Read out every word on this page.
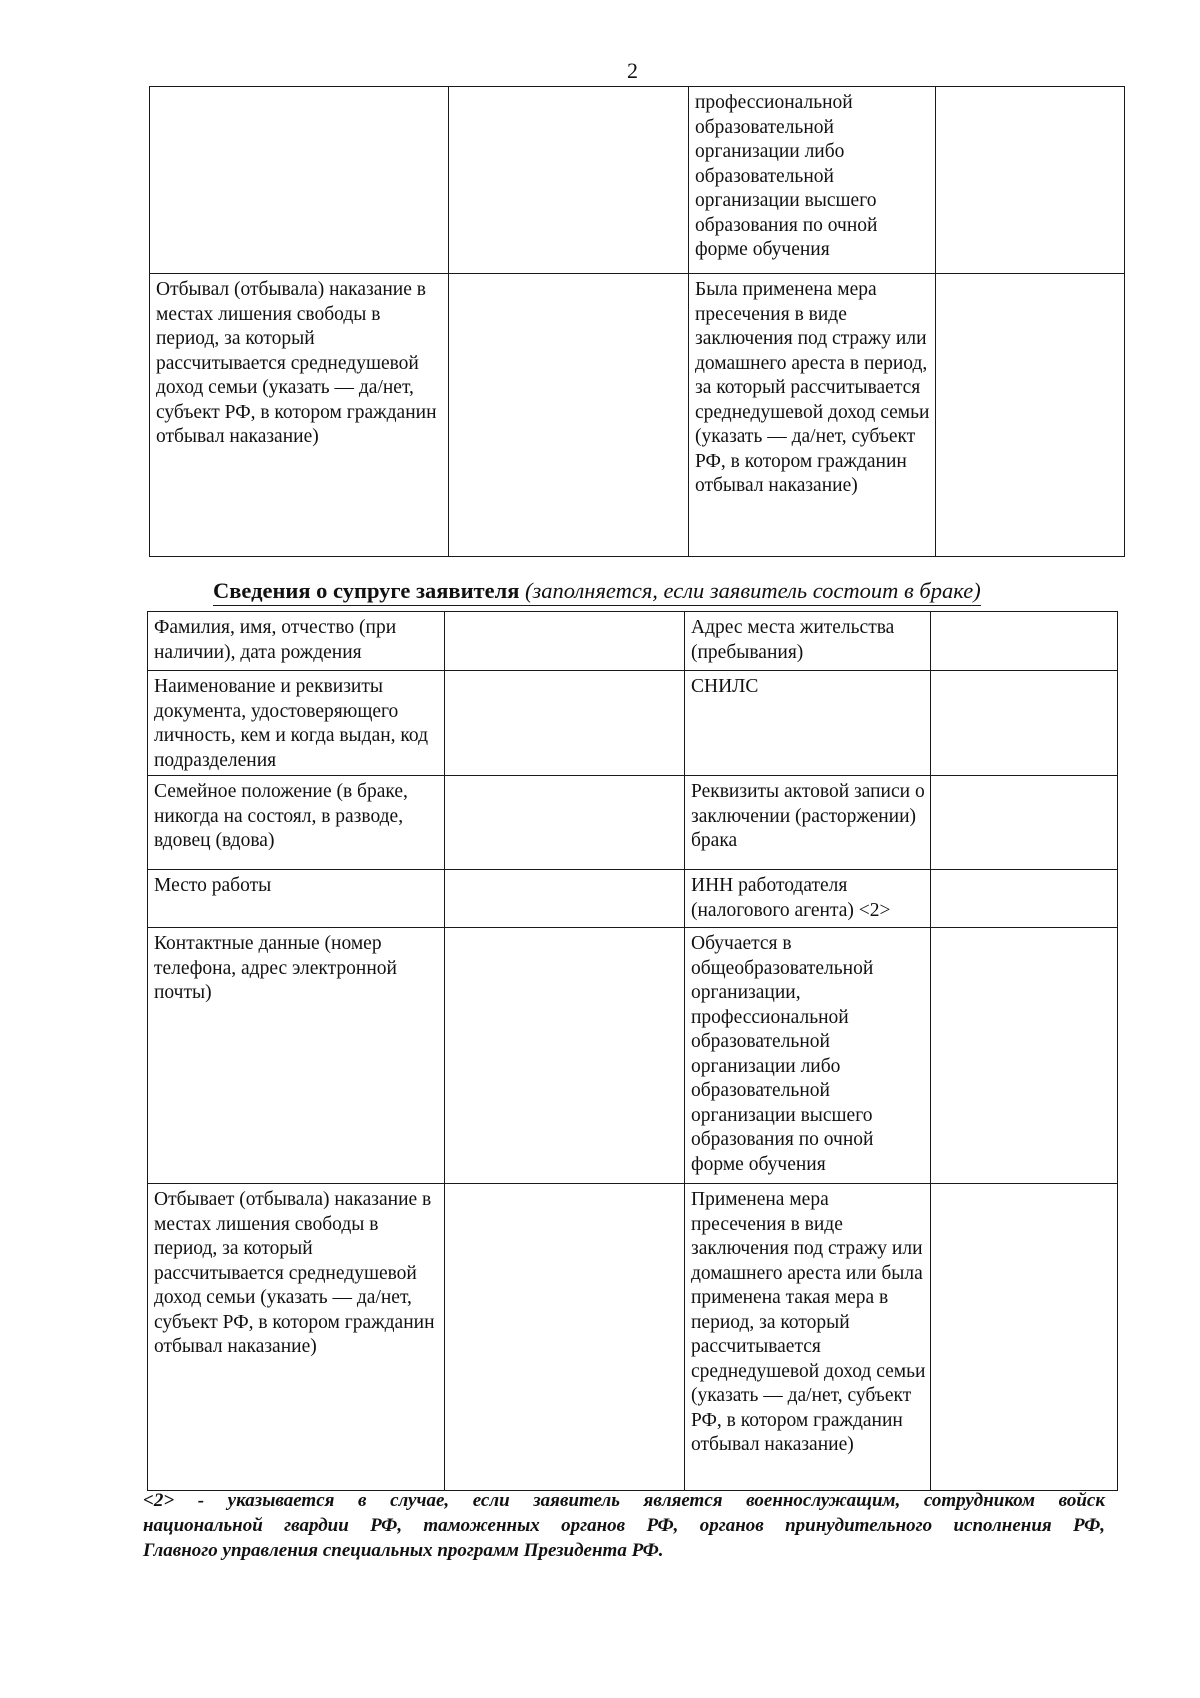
2
		профессиональной образовательной организации либо образовательной организации высшего образования по очной форме обучения	
Отбывал (отбывала) наказание в местах лишения свободы в период, за который рассчитывается среднедушевой доход семьи (указать — да/нет, субъект РФ, в котором гражданин отбывал наказание)		Была применена мера пресечения в виде заключения под стражу или домашнего ареста в период, за который рассчитывается среднедушевой доход семьи (указать — да/нет, субъект РФ, в котором гражданин отбывал наказание)	
Сведения о супруге заявителя (заполняется, если заявитель состоит в браке)
Фамилия, имя, отчество (при наличии), дата рождения		Адрес места жительства (пребывания)	
Наименование и реквизиты документа, удостоверяющего личность, кем и когда выдан, код подразделения		СНИЛС	
Семейное положение (в браке, никогда на состоял, в разводе, вдовец (вдова)		Реквизиты актовой записи о заключении (расторжении) брака	
Место работы		ИНН работодателя (налогового агента) <2>	
Контактные данные (номер телефона, адрес электронной почты)		Обучается в общеобразовательной организации, профессиональной образовательной организации либо образовательной организации высшего образования по очной форме обучения	
Отбывает (отбывала) наказание в местах лишения свободы в период, за который рассчитывается среднедушевой доход семьи (указать — да/нет, субъект РФ, в котором гражданин отбывал наказание)		Применена мера пресечения в виде заключения под стражу или домашнего ареста или была применена такая мера в период, за который рассчитывается среднедушевой доход семьи (указать — да/нет, субъект РФ, в котором гражданин отбывал наказание)	
<2> - указывается в случае, если заявитель является военнослужащим, сотрудником войск
национальной гвардии РФ, таможенных органов РФ, органов принудительного исполнения РФ,
Главного управления специальных программ Президента РФ.
